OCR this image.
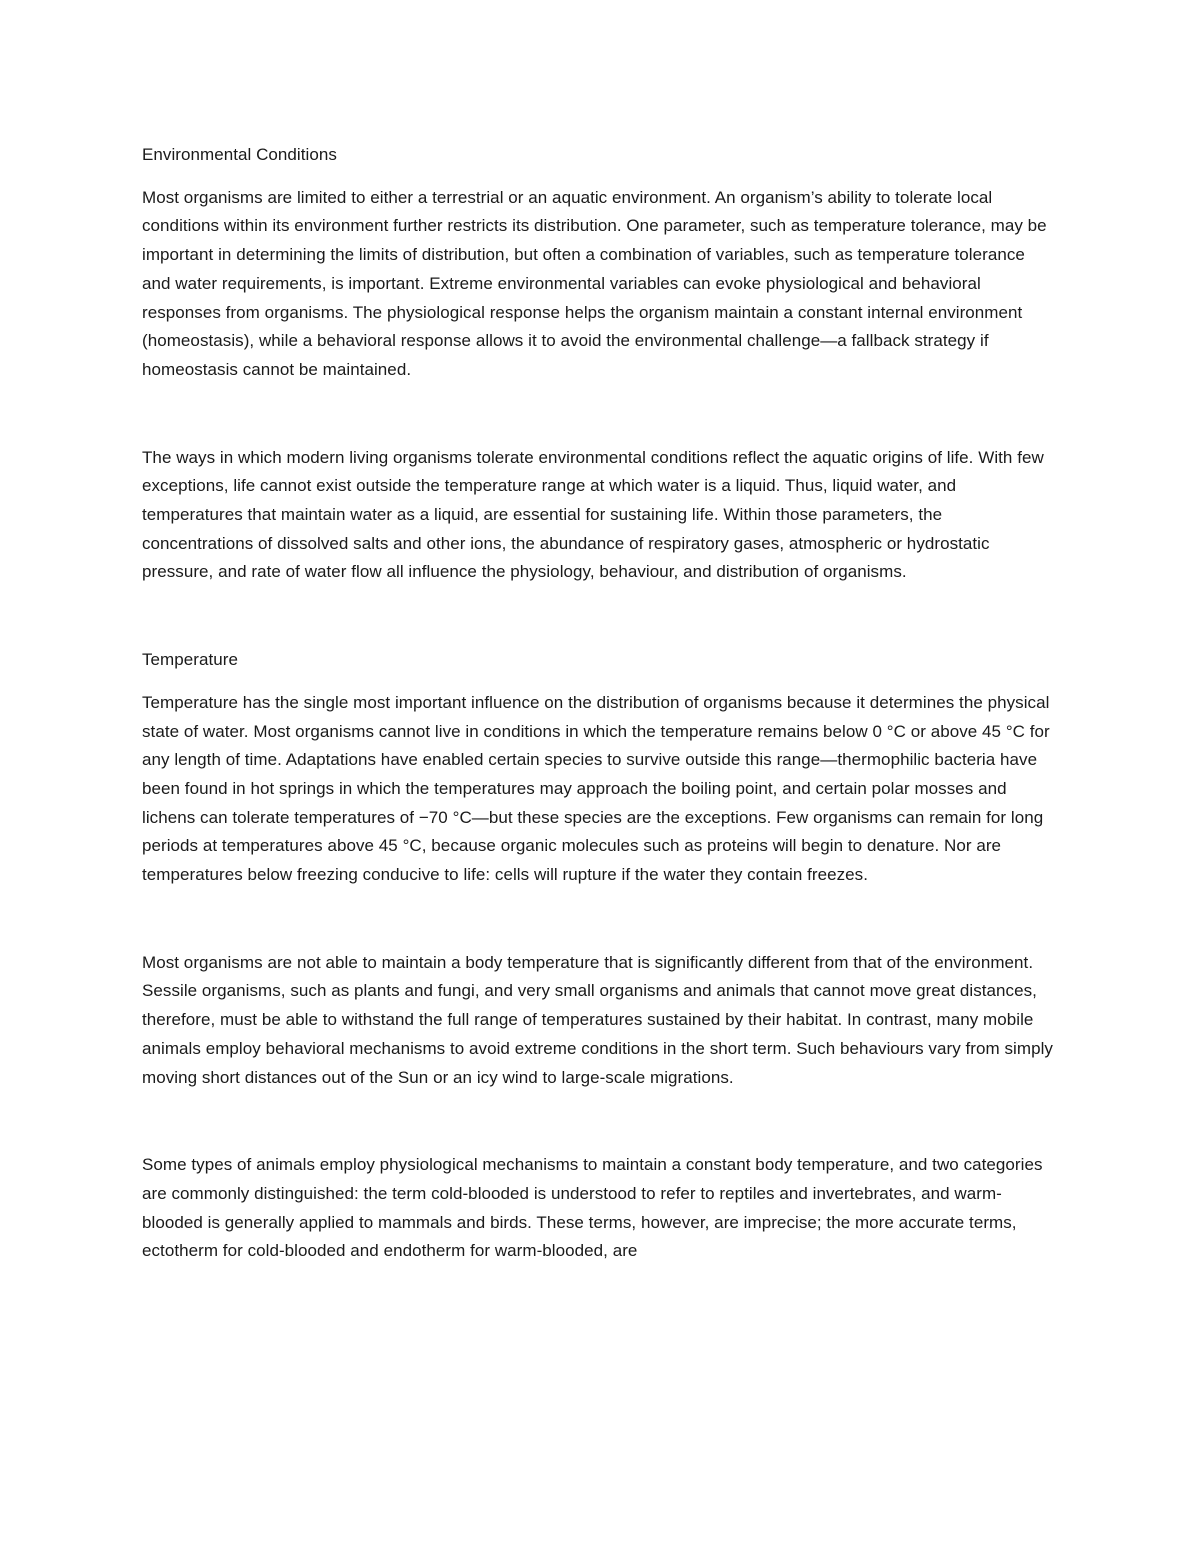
Environmental Conditions

Most organisms are limited to either a terrestrial or an aquatic environment. An organism’s ability to tolerate local conditions within its environment further restricts its distribution. One parameter, such as temperature tolerance, may be important in determining the limits of distribution, but often a combination of variables, such as temperature tolerance and water requirements, is important. Extreme environmental variables can evoke physiological and behavioral responses from organisms. The physiological response helps the organism maintain a constant internal environment (homeostasis), while a behavioral response allows it to avoid the environmental challenge—a fallback strategy if homeostasis cannot be maintained.

The ways in which modern living organisms tolerate environmental conditions reflect the aquatic origins of life. With few exceptions, life cannot exist outside the temperature range at which water is a liquid. Thus, liquid water, and temperatures that maintain water as a liquid, are essential for sustaining life. Within those parameters, the concentrations of dissolved salts and other ions, the abundance of respiratory gases, atmospheric or hydrostatic pressure, and rate of water flow all influence the physiology, behaviour, and distribution of organisms.

Temperature

Temperature has the single most important influence on the distribution of organisms because it determines the physical state of water. Most organisms cannot live in conditions in which the temperature remains below 0 °C or above 45 °C for any length of time. Adaptations have enabled certain species to survive outside this range—thermophilic bacteria have been found in hot springs in which the temperatures may approach the boiling point, and certain polar mosses and lichens can tolerate temperatures of −70 °C—but these species are the exceptions. Few organisms can remain for long periods at temperatures above 45 °C, because organic molecules such as proteins will begin to denature. Nor are temperatures below freezing conducive to life: cells will rupture if the water they contain freezes.

Most organisms are not able to maintain a body temperature that is significantly different from that of the environment. Sessile organisms, such as plants and fungi, and very small organisms and animals that cannot move great distances, therefore, must be able to withstand the full range of temperatures sustained by their habitat. In contrast, many mobile animals employ behavioral mechanisms to avoid extreme conditions in the short term. Such behaviours vary from simply moving short distances out of the Sun or an icy wind to large-scale migrations.

Some types of animals employ physiological mechanisms to maintain a constant body temperature, and two categories are commonly distinguished: the term cold-blooded is understood to refer to reptiles and invertebrates, and warm-blooded is generally applied to mammals and birds. These terms, however, are imprecise; the more accurate terms, ectotherm for cold-blooded and endotherm for warm-blooded, are
